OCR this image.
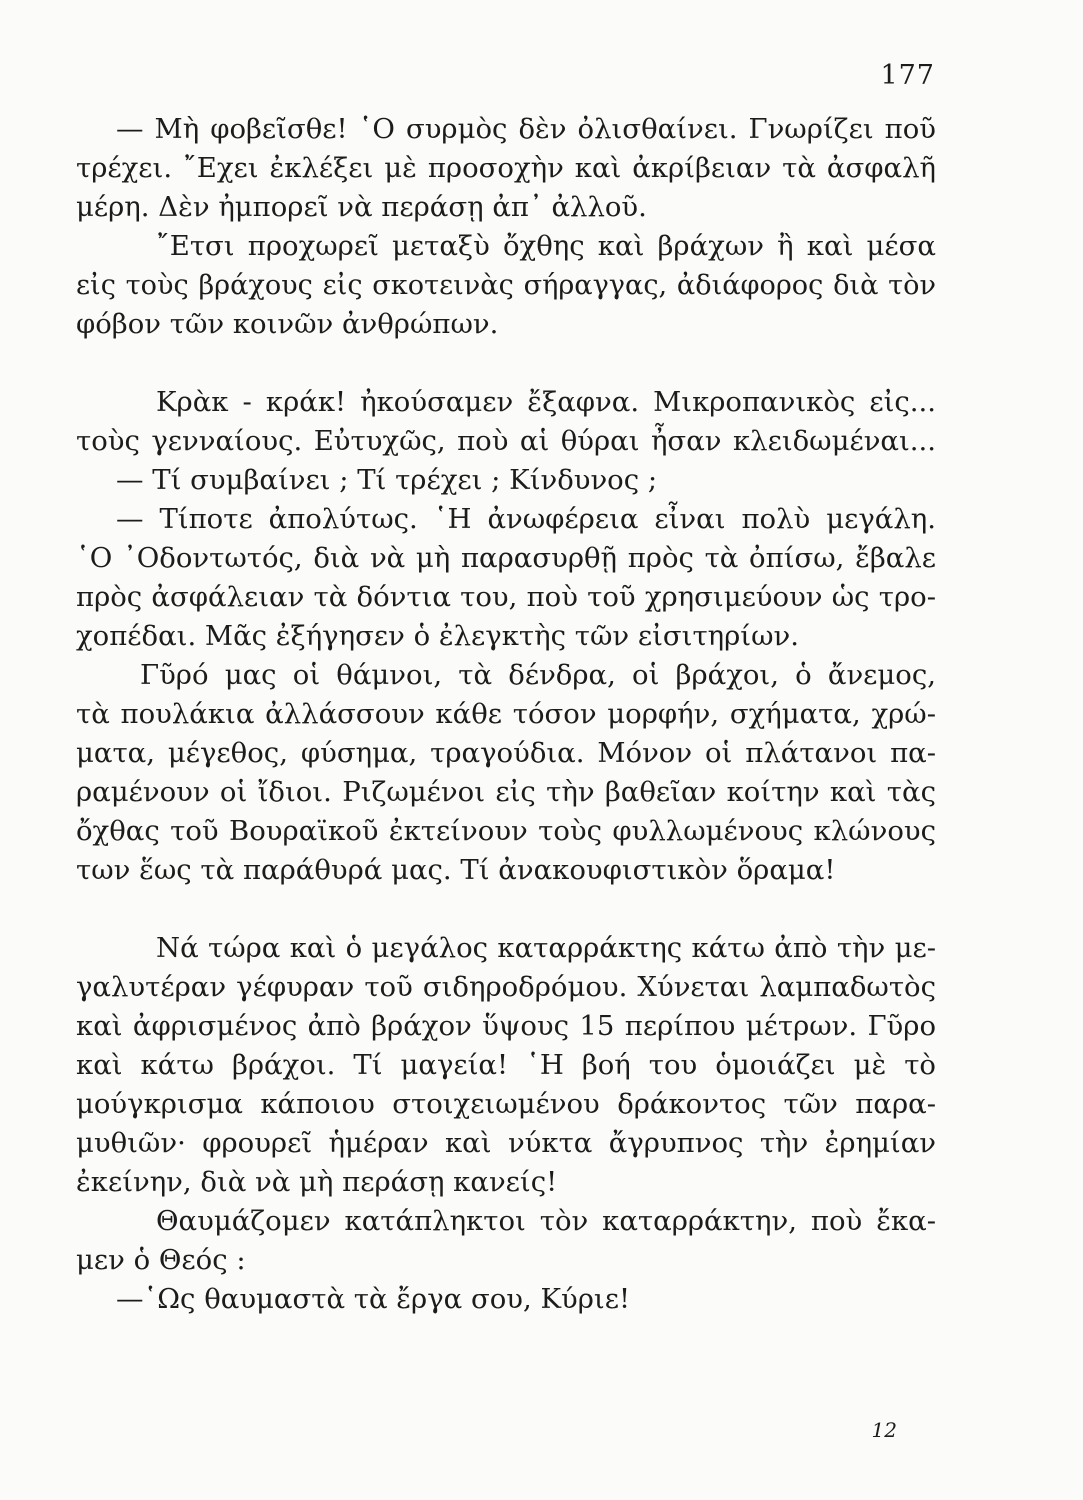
177
— Μὴ φοβεῖσθε! ῾Ο συρμὸς δὲν ὀλισθαίνει. Γνωρίζει ποῦ
τρέχει. ῎Εχει ἐκλέξει μὲ προσοχὴν καὶ ἀκρίβειαν τὰ ἀσφαλῆ
μέρη. Δὲν ἠμπορεῖ νὰ περάσῃ ἀπ᾽ ἀλλοῦ.
῎Ετσι προχωρεῖ μεταξὺ ὄχθης καὶ βράχων ἢ καὶ μέσα
εἰς τοὺς βράχους εἰς σκοτεινὰς σήραγγας, ἀδιάφορος διὰ τὸν
φόβον τῶν κοινῶν ἀνθρώπων.
Κρὰκ - κράκ! ἠκούσαμεν ἔξαφνα. Μικροπανικὸς εἰς...
τοὺς γενναίους. Εὐτυχῶς, ποὺ αἱ θύραι ἦσαν κλειδωμέναι...
— Τί συμβαίνει ; Τί τρέχει ; Κίνδυνος ;
— Τίποτε ἀπολύτως. ῾Η ἀνωφέρεια εἶναι πολὺ μεγάλη.
῾Ο ᾽Οδοντωτός, διὰ νὰ μὴ παρασυρθῇ πρὸς τὰ ὀπίσω, ἔβαλε
πρὸς ἀσφάλειαν τὰ δόντια του, ποὺ τοῦ χρησιμεύουν ὡς τρο-
χοπέδαι. Μᾶς ἐξήγησεν ὁ ἐλεγκτὴς τῶν εἰσιτηρίων.
Γῦρό μας οἱ θάμνοι, τὰ δένδρα, οἱ βράχοι, ὁ ἄνεμος,
τὰ πουλάκια ἀλλάσσουν κάθε τόσον μορφήν, σχήματα, χρώ-
ματα, μέγεθος, φύσημα, τραγούδια. Μόνον οἱ πλάτανοι πα-
ραμένουν οἱ ἴδιοι. Ριζωμένοι εἰς τὴν βαθεῖαν κοίτην καὶ τὰς
ὄχθας τοῦ Βουραϊκοῦ ἐκτείνουν τοὺς φυλλωμένους κλώνους
των ἕως τὰ παράθυρά μας. Τί ἀνακουφιστικὸν ὅραμα!
Νά τώρα καὶ ὁ μεγάλος καταρράκτης κάτω ἀπὸ τὴν με-
γαλυτέραν γέφυραν τοῦ σιδηροδρόμου. Χύνεται λαμπαδωτὸς
καὶ ἀφρισμένος ἀπὸ βράχον ὕψους 15 περίπου μέτρων. Γῦρο
καὶ κάτω βράχοι. Τί μαγεία! ῾Η βοή του ὁμοιάζει μὲ τὸ
μούγκρισμα κάποιου στοιχειωμένου δράκοντος τῶν παρα-
μυθιῶν· φρουρεῖ ἡμέραν καὶ νύκτα ἄγρυπνος τὴν ἐρημίαν
ἐκείνην, διὰ νὰ μὴ περάσῃ κανείς!
Θαυμάζομεν κατάπληκτοι τὸν καταρράκτην, ποὺ ἔκα-
μεν ὁ Θεός :
—῾Ως θαυμαστὰ τὰ ἔργα σου, Κύριε!
12
